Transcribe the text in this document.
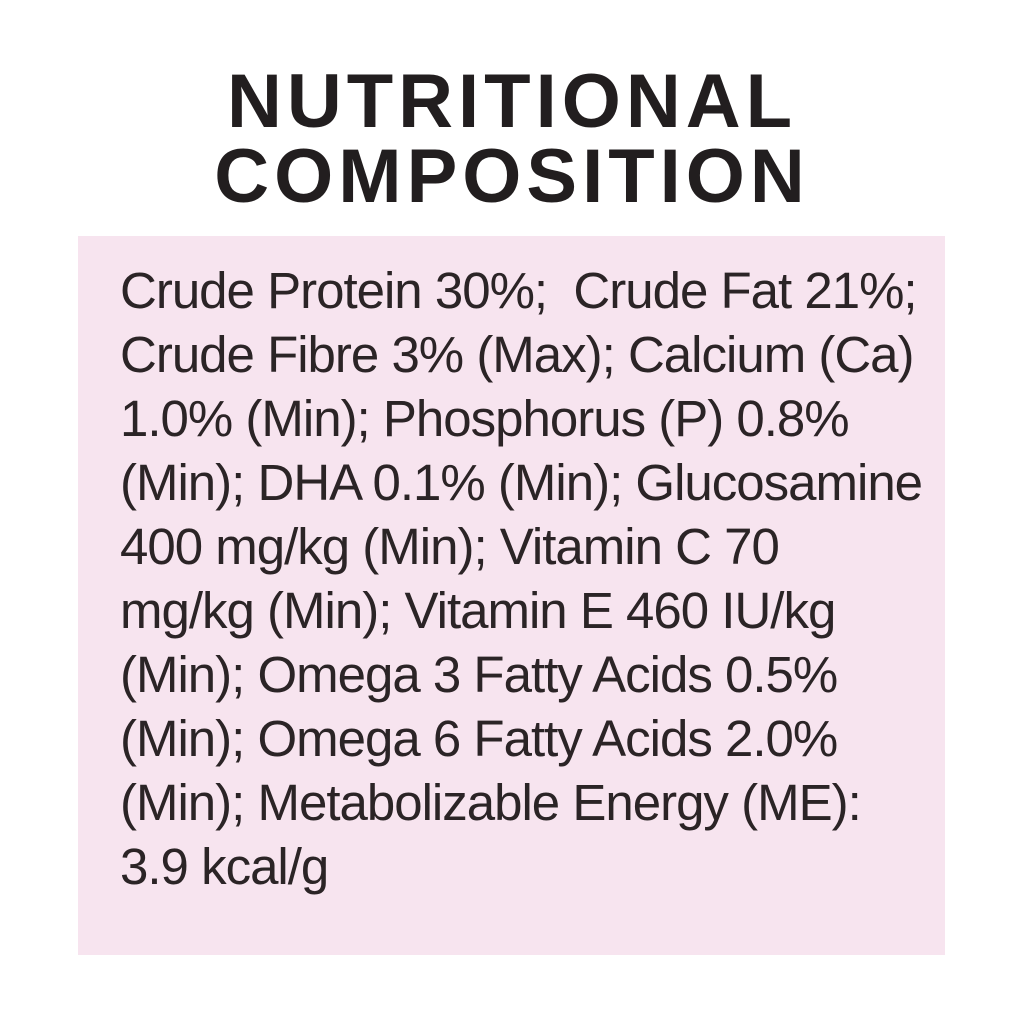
NUTRITIONAL
COMPOSITION
Crude Protein 30%;  Crude Fat 21%;
Crude Fibre 3% (Max); Calcium (Ca)
1.0% (Min); Phosphorus (P) 0.8%
(Min); DHA 0.1% (Min); Glucosamine
400 mg/kg (Min); Vitamin C 70
mg/kg (Min); Vitamin E 460 IU/kg
(Min); Omega 3 Fatty Acids 0.5%
(Min); Omega 6 Fatty Acids 2.0%
(Min); Metabolizable Energy (ME):
3.9 kcal/g
